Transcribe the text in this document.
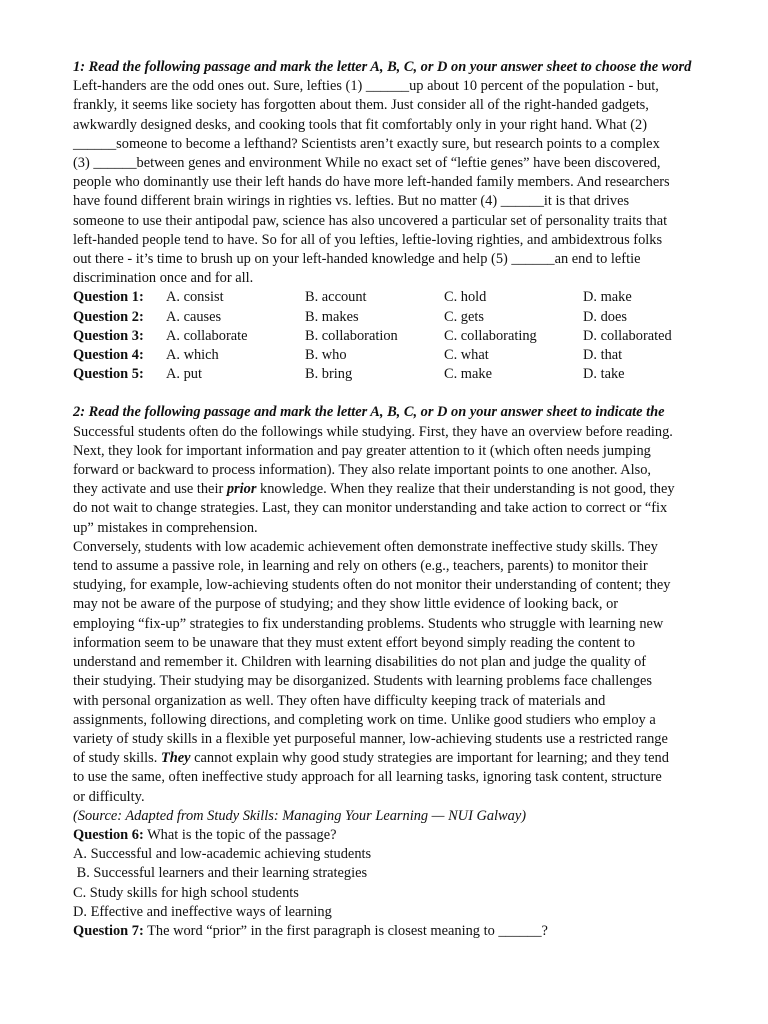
1: Read the following passage and mark the letter A, B, C, or D on your answer sheet to choose the word

Left-handers are the odd ones out. Sure, lefties (1) ______up about 10 percent of the population - but,

frankly, it seems like society has forgotten about them. Just consider all of the right-handed gadgets,

awkwardly designed desks, and cooking tools that fit comfortably only in your right hand. What (2)

______someone to become a lefthand? Scientists aren’t exactly sure, but research points to a complex

(3) ______between genes and environment While no exact set of “leftie genes” have been discovered,

people who dominantly use their left hands do have more left-handed family members. And researchers

have found different brain wirings in righties vs. lefties. But no matter (4) ______it is that drives

someone to use their antipodal paw, science has also uncovered a particular set of personality traits that

left-handed people tend to have. So for all of you lefties, leftie-loving righties, and ambidextrous folks

out there - it’s time to brush up on your left-handed knowledge and help (5) ______an end to leftie

discrimination once and for all.

Question 1:	A. consist	B. account	C. hold	D. make
Question 2:	A. causes	B. makes	C. gets	D. does
Question 3:	A. collaborate	B. collaboration	C. collaborating	D. collaborated
Question 4:	A. which	B. who	C. what	D. that
Question 5:	A. put	B. bring	C. make	D. take

2: Read the following passage and mark the letter A, B, C, or D on your answer sheet to indicate the

Successful students often do the followings while studying. First, they have an overview before reading.

Next, they look for important information and pay greater attention to it (which often needs jumping

forward or backward to process information). They also relate important points to one another. Also,

they activate and use their prior knowledge. When they realize that their understanding is not good, they

do not wait to change strategies. Last, they can monitor understanding and take action to correct or “fix

up” mistakes in comprehension.

Conversely, students with low academic achievement often demonstrate ineffective study skills. They

tend to assume a passive role, in learning and rely on others (e.g., teachers, parents) to monitor their

studying, for example, low-achieving students often do not monitor their understanding of content; they

may not be aware of the purpose of studying; and they show little evidence of looking back, or

employing “fix-up” strategies to fix understanding problems. Students who struggle with learning new

information seem to be unaware that they must extent effort beyond simply reading the content to

understand and remember it. Children with learning disabilities do not plan and judge the quality of

their studying. Their studying may be disorganized. Students with learning problems face challenges

with personal organization as well. They often have difficulty keeping track of materials and

assignments, following directions, and completing work on time. Unlike good studiers who employ a

variety of study skills in a flexible yet purposeful manner, low-achieving students use a restricted range

of study skills. They cannot explain why good study strategies are important for learning; and they tend

to use the same, often ineffective study approach for all learning tasks, ignoring task content, structure

or difficulty.

(Source: Adapted from Study Skills: Managing Your Learning — NUI Galway)

Question 6: What is the topic of the passage?

A. Successful and low-academic achieving students

B. Successful learners and their learning strategies

C. Study skills for high school students

D. Effective and ineffective ways of learning

Question 7: The word “prior” in the first paragraph is closest meaning to ______?
